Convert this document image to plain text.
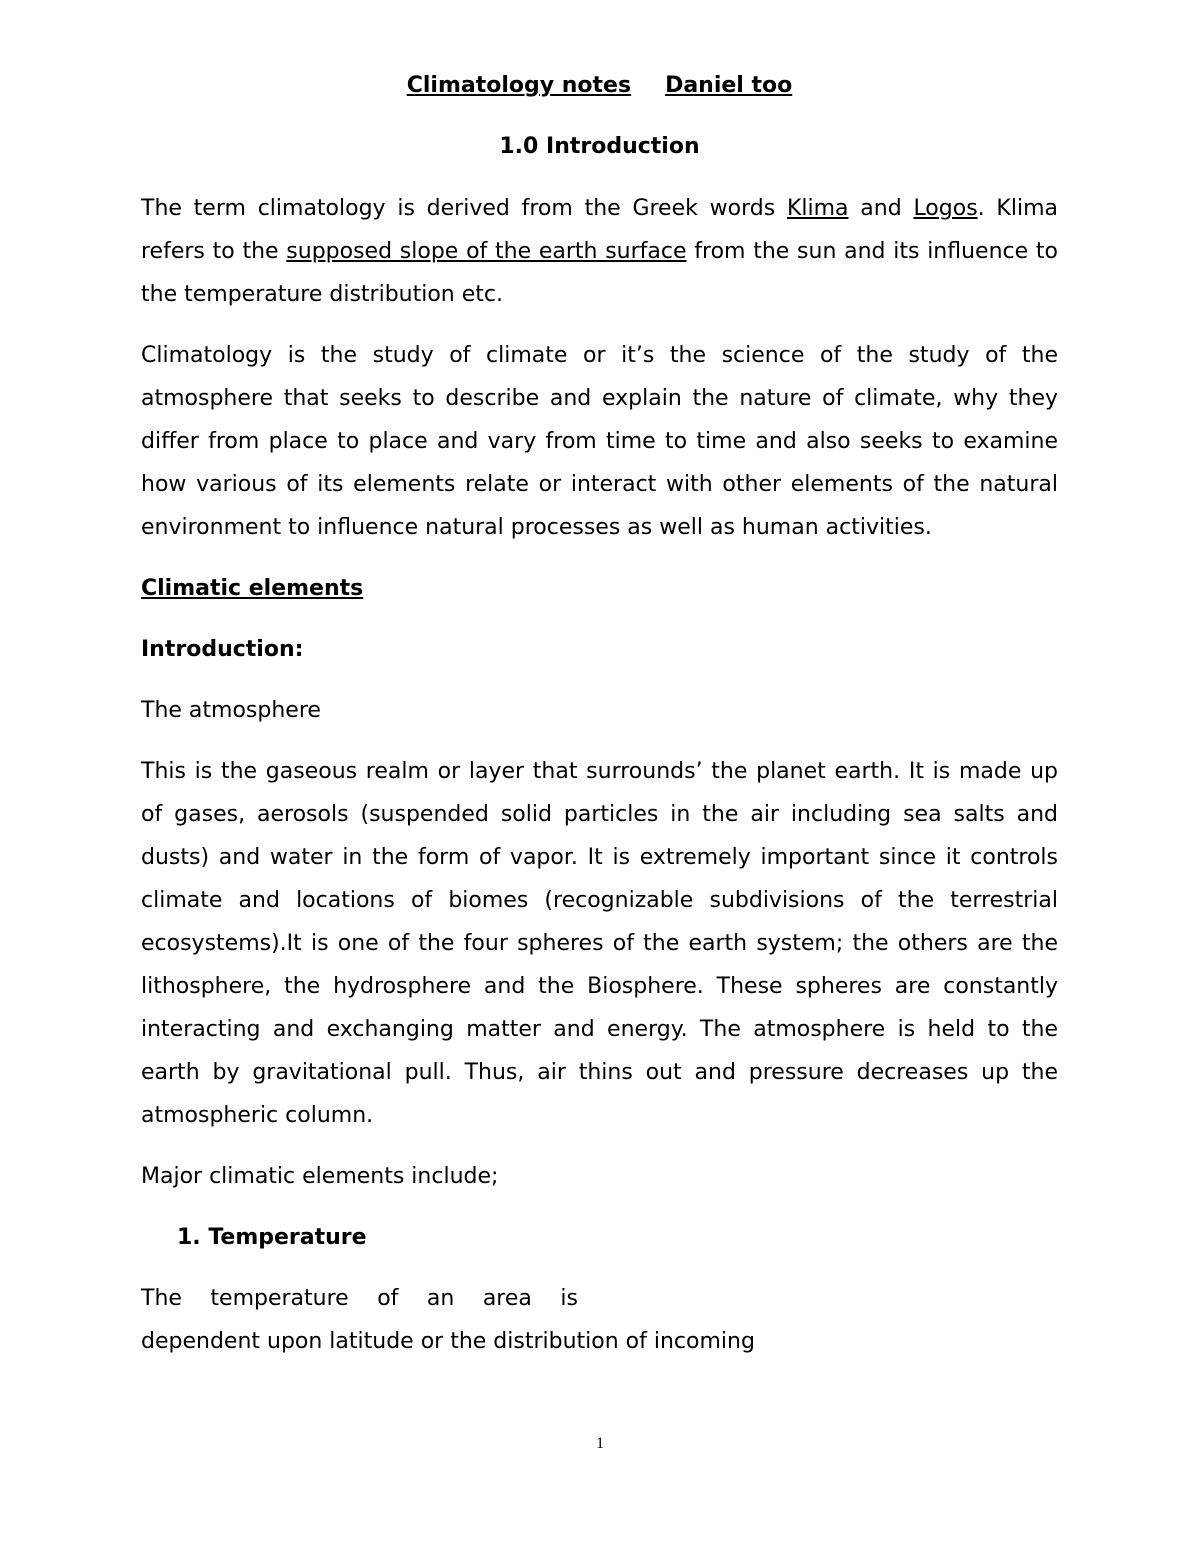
Climatology notes Daniel too
1.0 Introduction

The term climatology is derived from the Greek words Klima and Logos. Klima refers to the supposed slope of the earth surface from the sun and its influence to the temperature distribution etc.

Climatology is the study of climate or it’s the science of the study of the atmosphere that seeks to describe and explain the nature of climate, why they differ from place to place and vary from time to time and also seeks to examine how various of its elements relate or interact with other elements of the natural environment to influence natural processes as well as human activities.

Climatic elements
Introduction:

The atmosphere

This is the gaseous realm or layer that surrounds’ the planet earth. It is made up of gases, aerosols (suspended solid particles in the air including sea salts and dusts) and water in the form of vapor. It is extremely important since it controls climate and locations of biomes (recognizable subdivisions of the terrestrial ecosystems).It is one of the four spheres of the earth system; the others are the lithosphere, the hydrosphere and the Biosphere. These spheres are constantly interacting and exchanging matter and energy. The atmosphere is held to the earth by gravitational pull. Thus, air thins out and pressure decreases up the atmospheric column.

Major climatic elements include;

1. Temperature
The temperature of an area is

dependent upon latitude or the distribution of incoming

1
